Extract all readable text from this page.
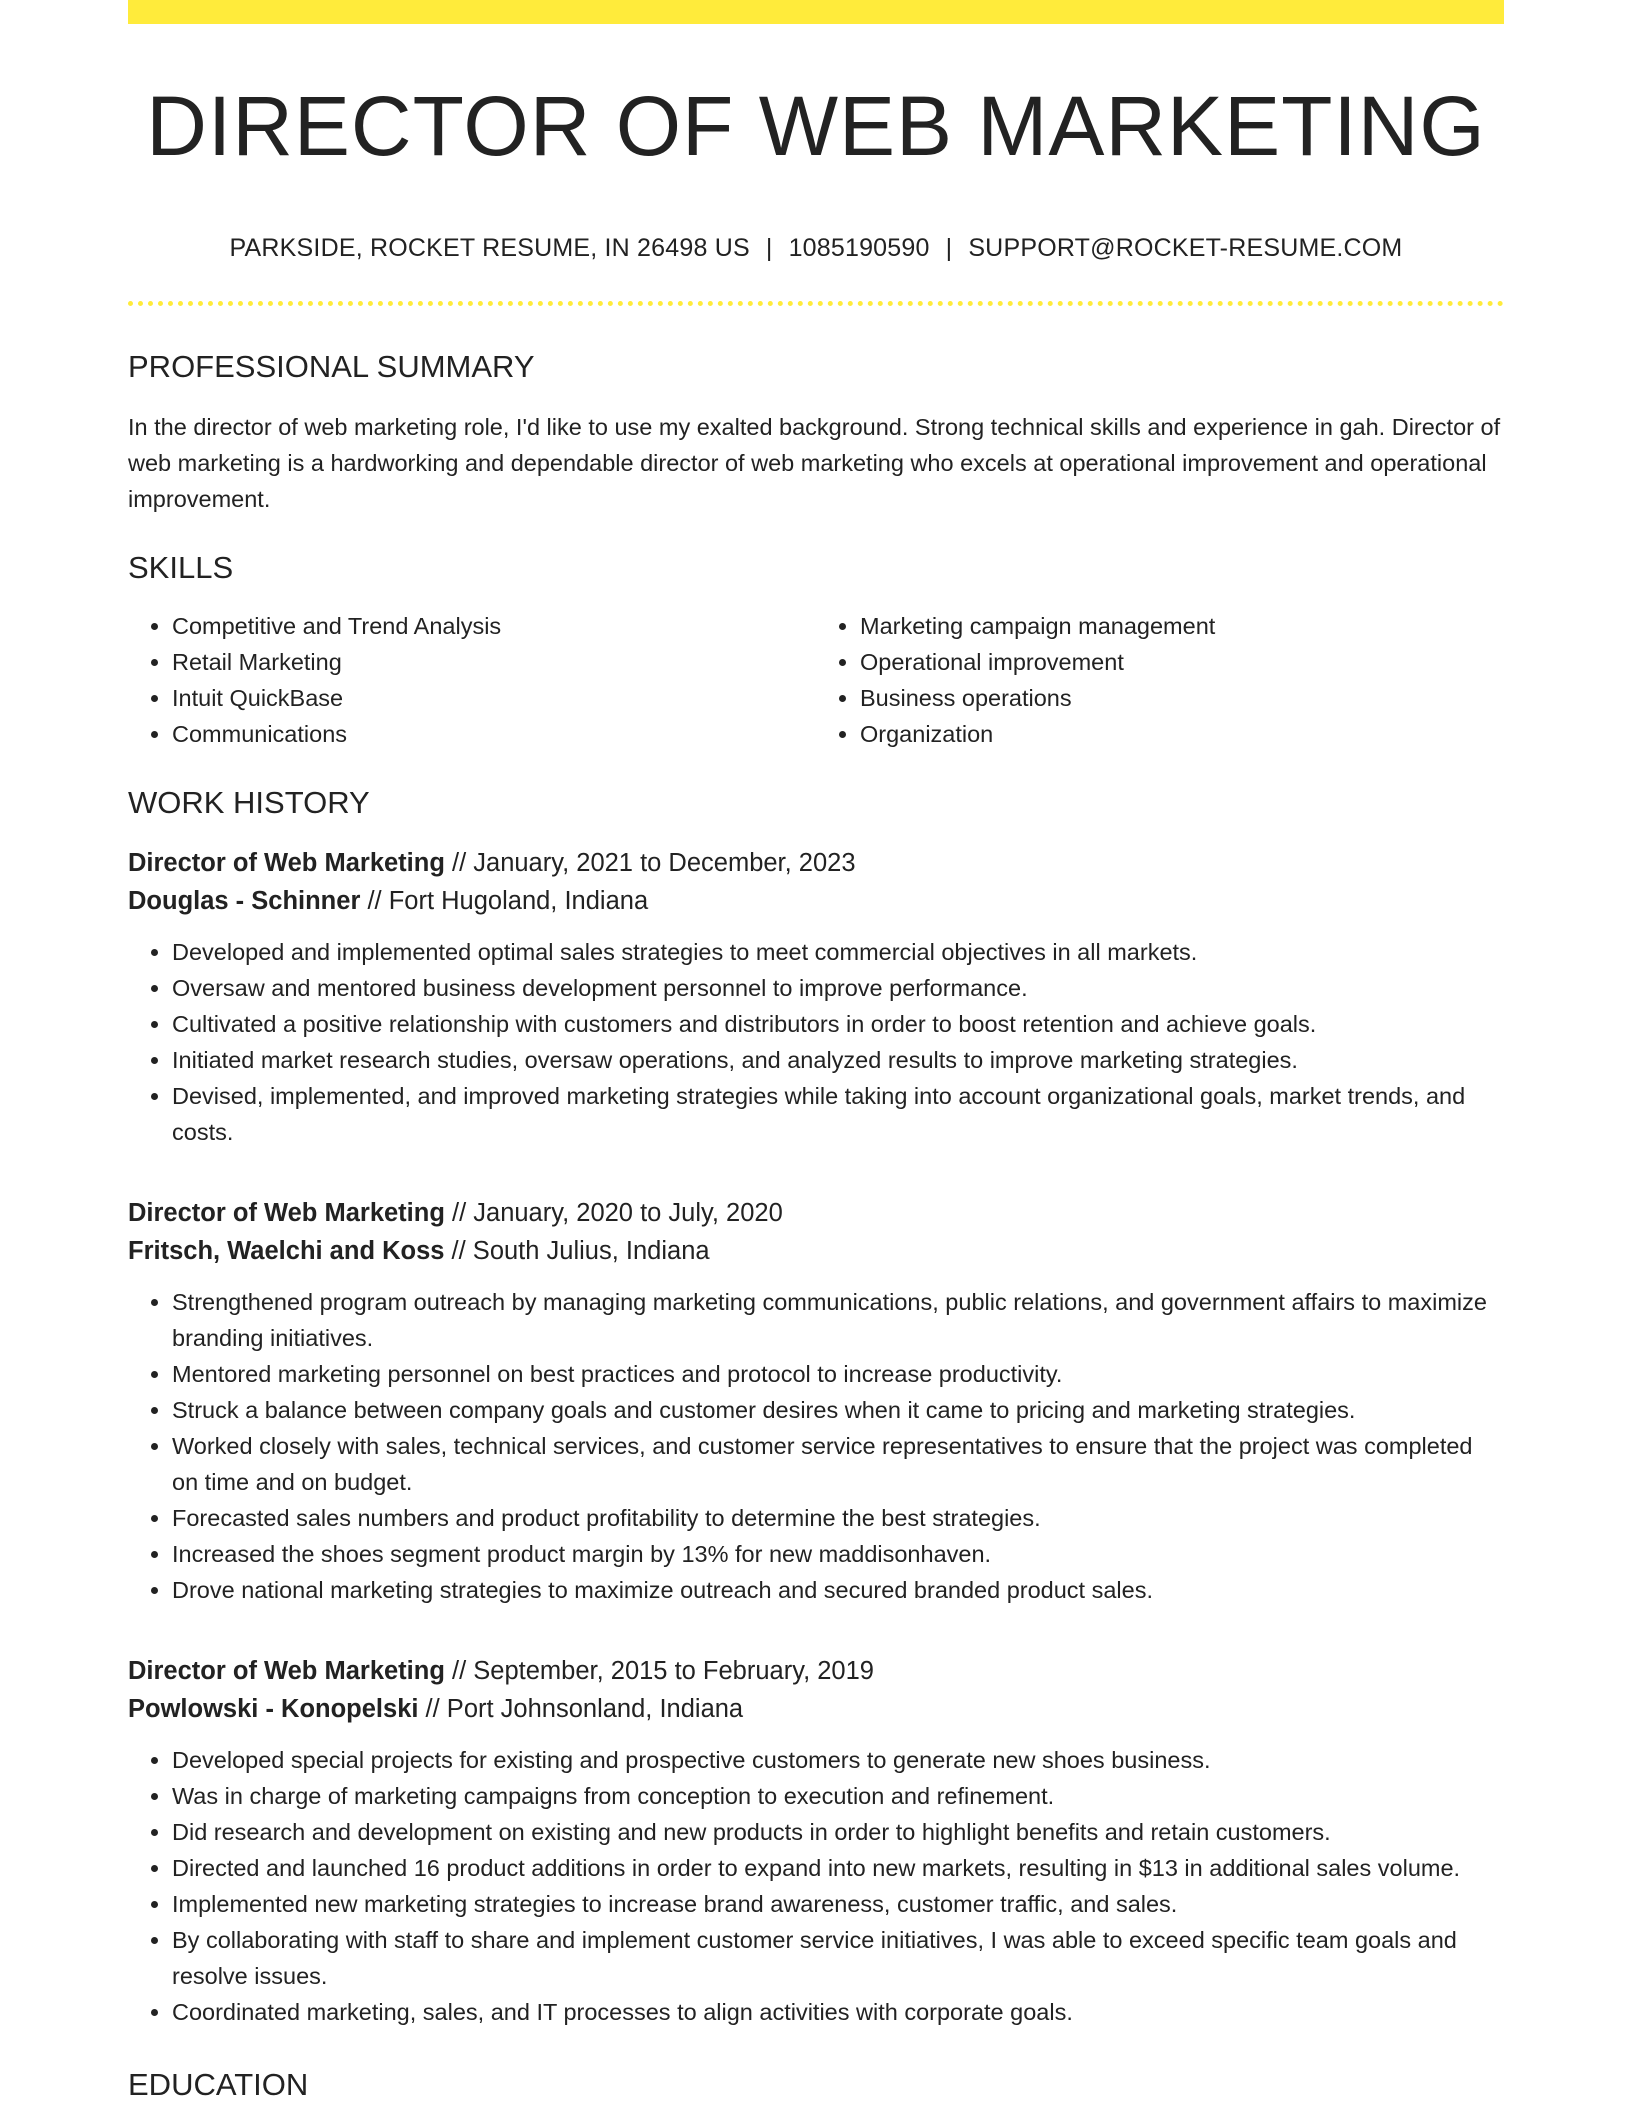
DIRECTOR OF WEB MARKETING
PARKSIDE, ROCKET RESUME, IN 26498 US | 1085190590 | SUPPORT@ROCKET-RESUME.COM
PROFESSIONAL SUMMARY

In the director of web marketing role, I'd like to use my exalted background. Strong technical skills and experience in gah. Director of web marketing is a hardworking and dependable director of web marketing who excels at operational improvement and operational improvement.

SKILLS
• Competitive and Trend Analysis
• Retail Marketing
• Intuit QuickBase
• Communications
• Marketing campaign management
• Operational improvement
• Business operations
• Organization
WORK HISTORY
Director of Web Marketing // January, 2021 to December, 2023
Douglas - Schinner // Fort Hugoland, Indiana
• Developed and implemented optimal sales strategies to meet commercial objectives in all markets.
• Oversaw and mentored business development personnel to improve performance.
• Cultivated a positive relationship with customers and distributors in order to boost retention and achieve goals.
• Initiated market research studies, oversaw operations, and analyzed results to improve marketing strategies.
• Devised, implemented, and improved marketing strategies while taking into account organizational goals, market trends, and costs.
Director of Web Marketing // January, 2020 to July, 2020
Fritsch, Waelchi and Koss // South Julius, Indiana
• Strengthened program outreach by managing marketing communications, public relations, and government affairs to maximize branding initiatives.
• Mentored marketing personnel on best practices and protocol to increase productivity.
• Struck a balance between company goals and customer desires when it came to pricing and marketing strategies.
• Worked closely with sales, technical services, and customer service representatives to ensure that the project was completed on time and on budget.
• Forecasted sales numbers and product profitability to determine the best strategies.
• Increased the shoes segment product margin by 13% for new maddisonhaven.
• Drove national marketing strategies to maximize outreach and secured branded product sales.
Director of Web Marketing // September, 2015 to February, 2019
Powlowski - Konopelski // Port Johnsonland, Indiana
• Developed special projects for existing and prospective customers to generate new shoes business.
• Was in charge of marketing campaigns from conception to execution and refinement.
• Did research and development on existing and new products in order to highlight benefits and retain customers.
• Directed and launched 16 product additions in order to expand into new markets, resulting in $13 in additional sales volume.
• Implemented new marketing strategies to increase brand awareness, customer traffic, and sales.
• By collaborating with staff to share and implement customer service initiatives, I was able to exceed specific team goals and resolve issues.
• Coordinated marketing, sales, and IT processes to align activities with corporate goals.
EDUCATION
